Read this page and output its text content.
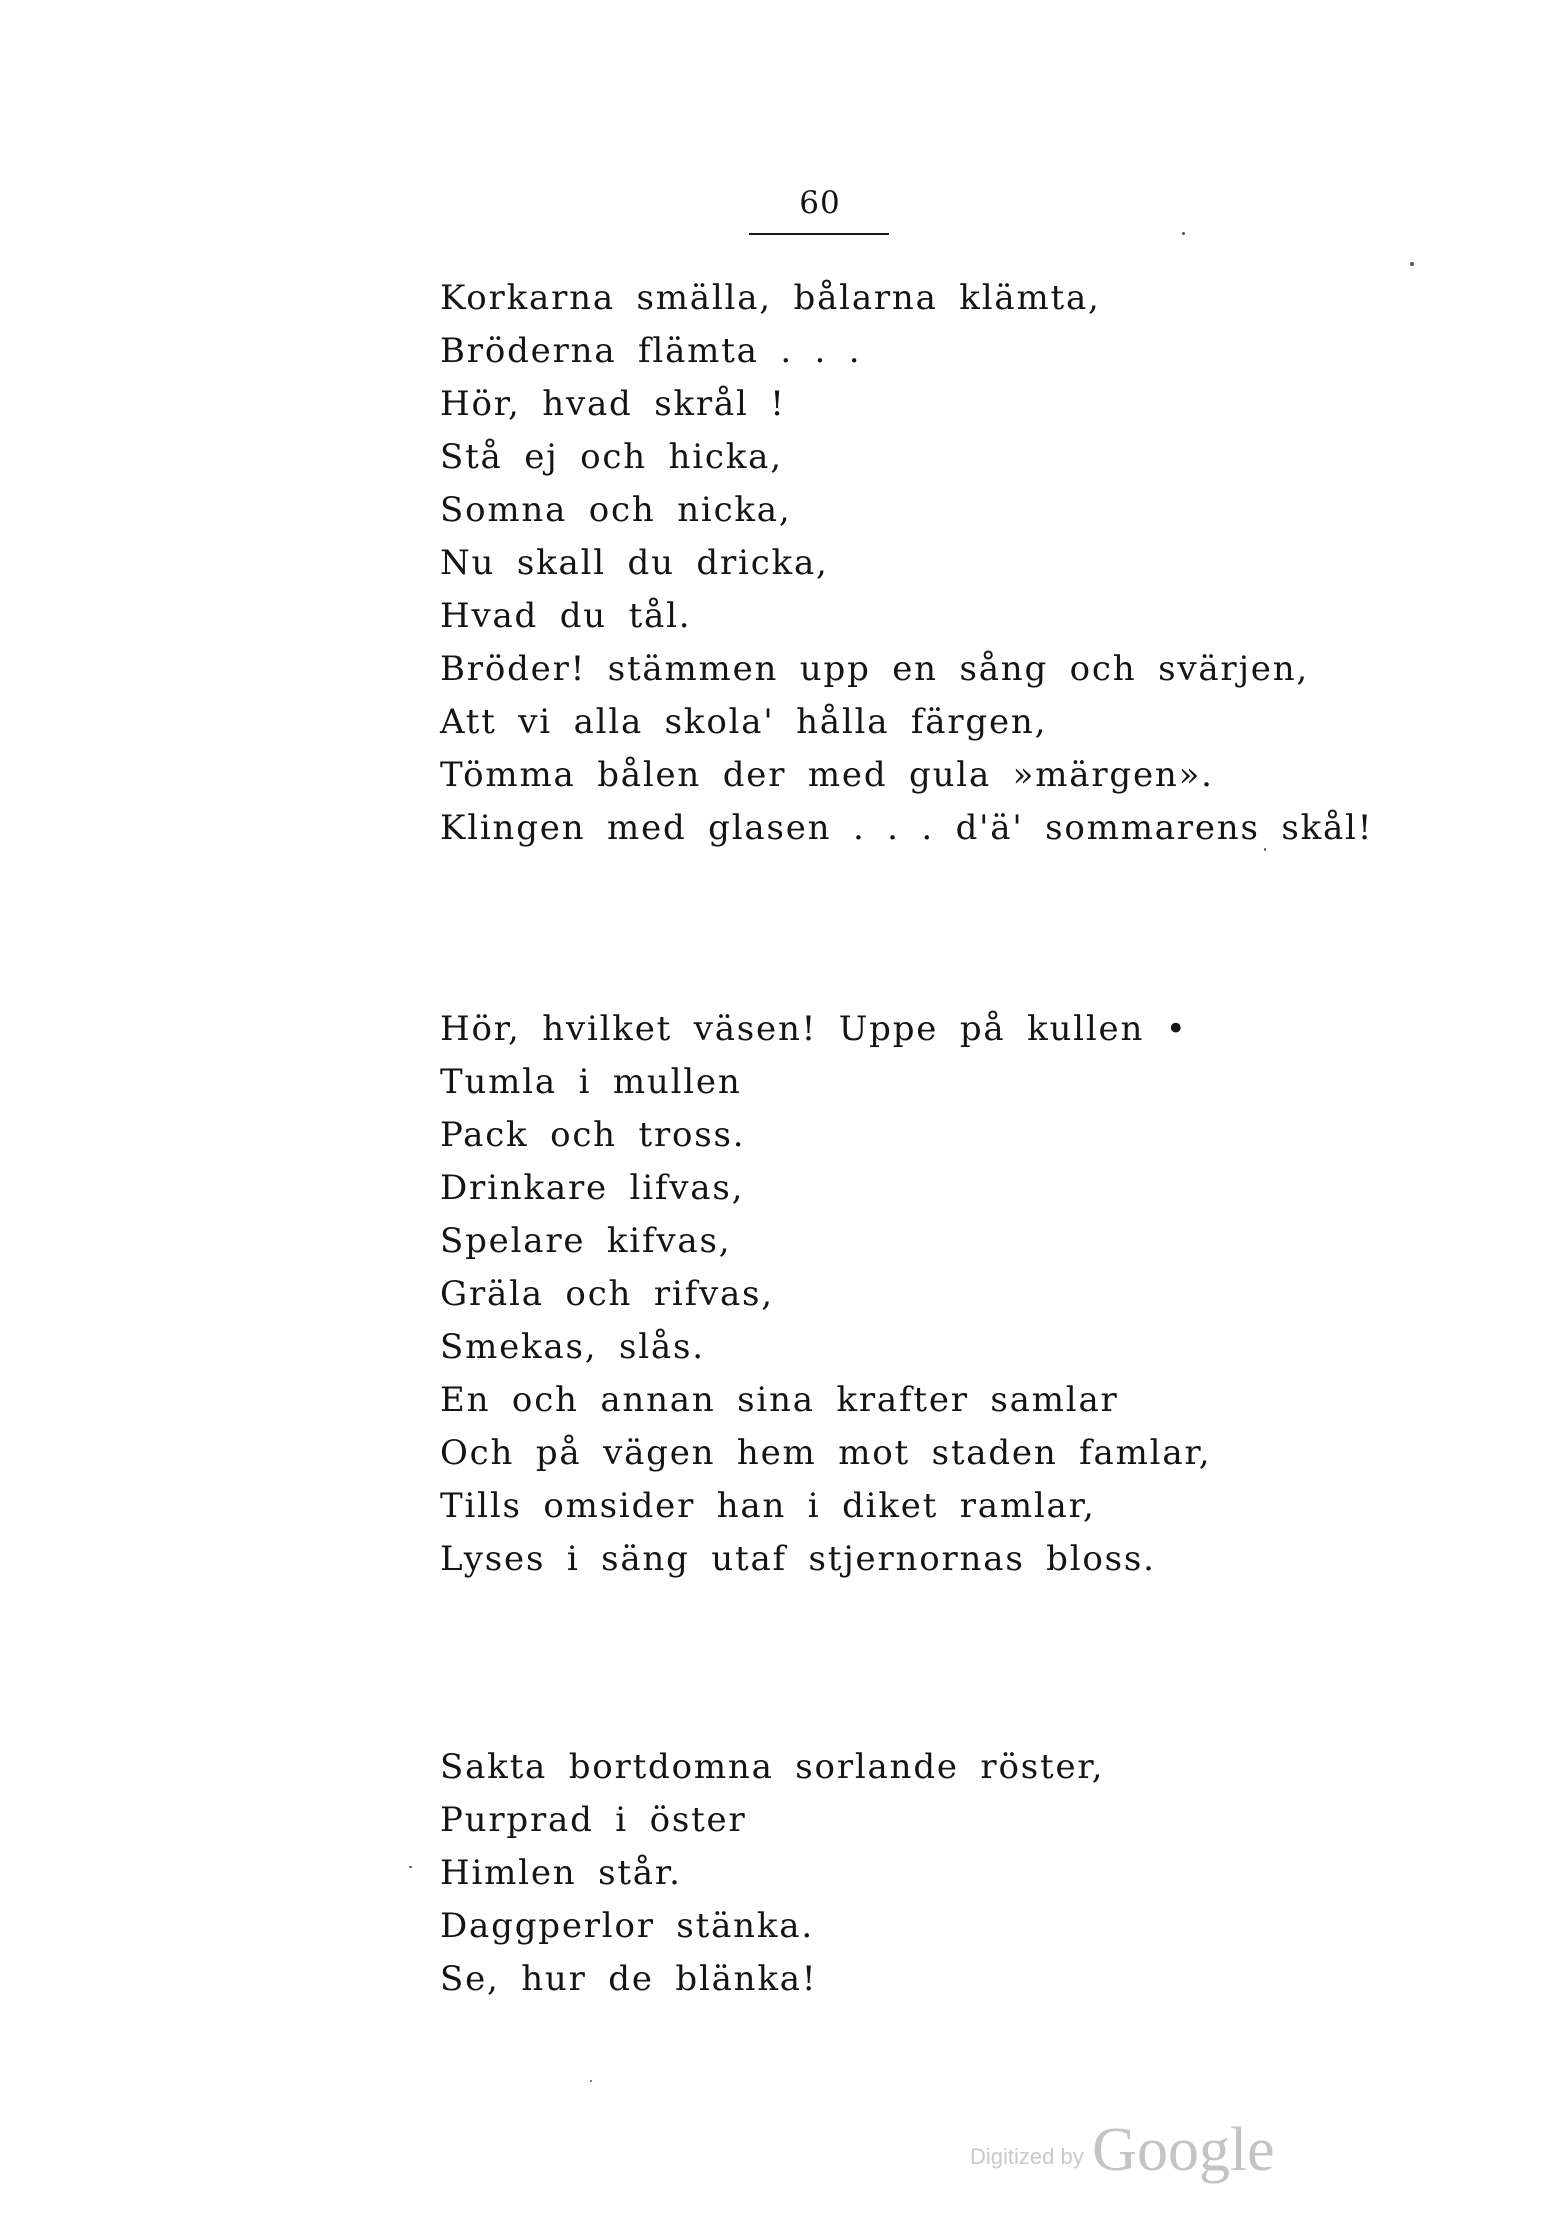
60
Korkarna smälla, bålarna klämta,
Bröderna flämta . . .
Hör, hvad skrål !
Stå ej och hicka,
Somna och nicka,
Nu skall du dricka,
Hvad du tål.
Bröder! stämmen upp en sång och svärjen,
Att vi alla skola' hålla färgen,
Tömma bålen der med gula »märgen».
Klingen med glasen . . . d'ä' sommarens skål!
Hör, hvilket väsen! Uppe på kullen •
Tumla i mullen
Pack och tross.
Drinkare lifvas,
Spelare kifvas,
Gräla och rifvas,
Smekas, slås.
En och annan sina krafter samlar
Och på vägen hem mot staden famlar,
Tills omsider han i diket ramlar,
Lyses i säng utaf stjernornas bloss.
Sakta bortdomna sorlande röster,
Purprad i öster
Himlen står.
Daggperlor stänka.
Se, hur de blänka!
Digitized by Google
